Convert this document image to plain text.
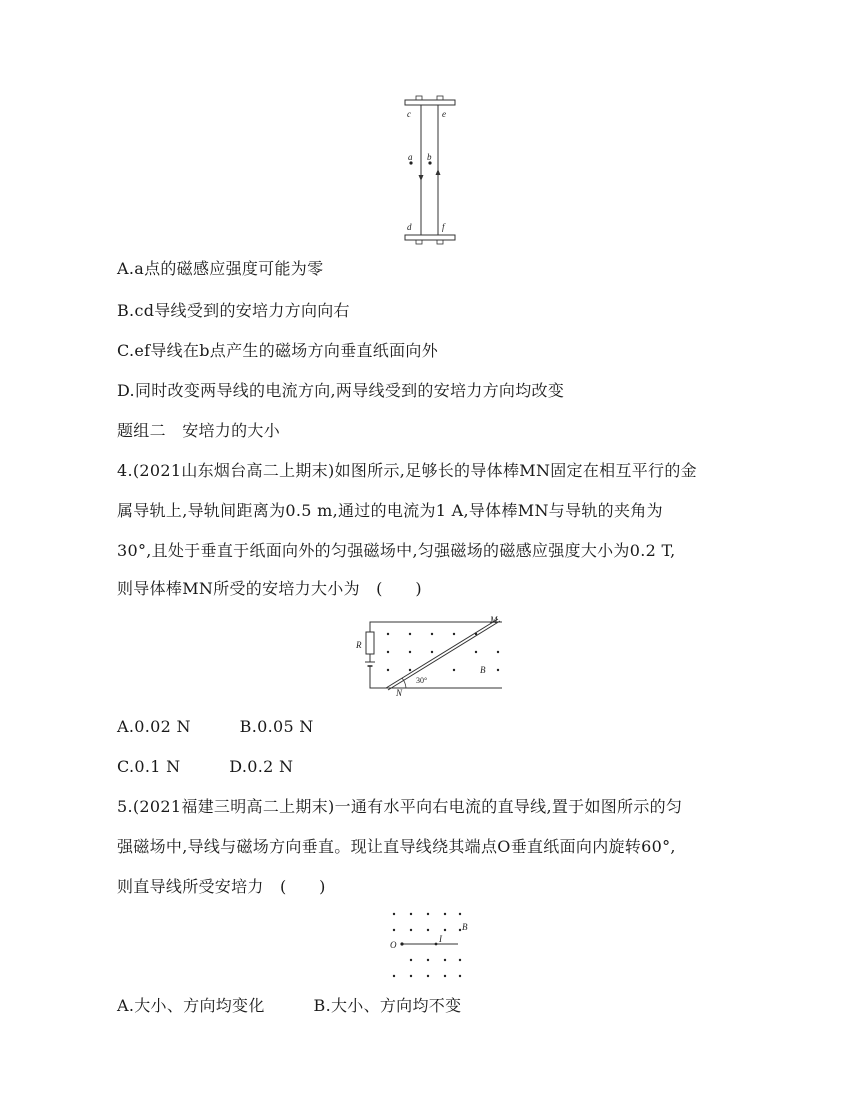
c	e
a b
d	f
A.a点的磁感应强度可能为零
B.cd导线受到的安培力方向向右
C.ef导线在b点产生的磁场方向垂直纸面向外
D.同时改变两导线的电流方向,两导线受到的安培力方向均改变
题组二　安培力的大小
4.(2021山东烟台高二上期末)如图所示,足够长的导体棒MN固定在相互平行的金
属导轨上,导轨间距离为0.5 m,通过的电流为1 A,导体棒MN与导轨的夹角为
30°,且处于垂直于纸面向外的匀强磁场中,匀强磁场的磁感应强度大小为0.2 T,
则导体棒MN所受的安培力大小为　(　　)
R
M
N
B
30°
A.0.02 N　　　B.0.05 N
C.0.1 N　　　D.0.2 N
5.(2021福建三明高二上期末)一通有水平向右电流的直导线,置于如图所示的匀
强磁场中,导线与磁场方向垂直。现让直导线绕其端点O垂直纸面向内旋转60°,
则直导线所受安培力　(　　)
O
I
B
A.大小、方向均变化　　　B.大小、方向均不变
